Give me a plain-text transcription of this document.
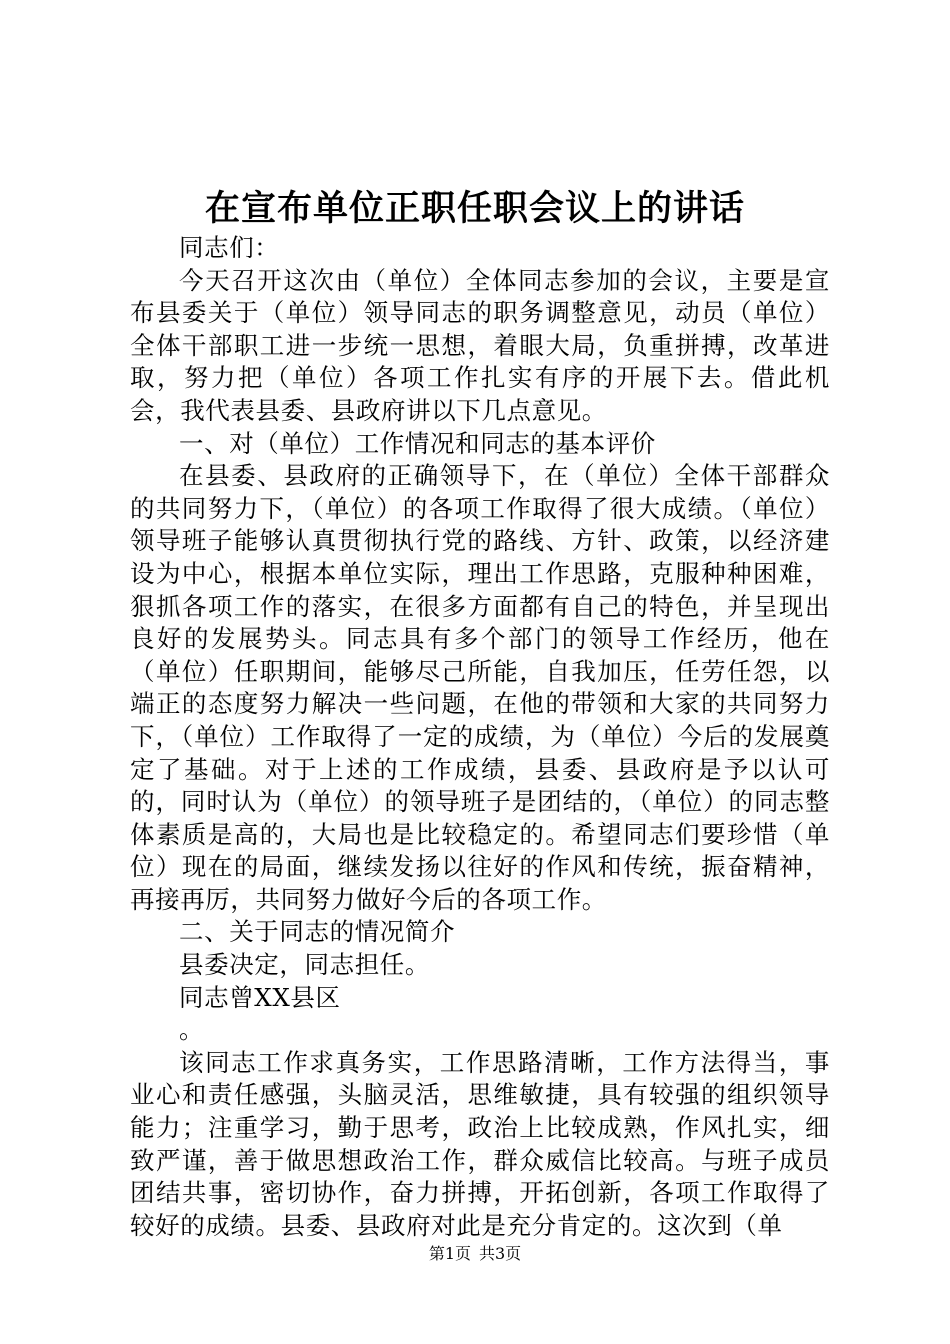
在宣布单位正职任职会议上的讲话

同志们：

今天召开这次由（单位）全体同志参加的会议，主要是宣布县委关于（单位）领导同志的职务调整意见，动员（单位）全体干部职工进一步统一思想，着眼大局，负重拼搏，改革进取，努力把（单位）各项工作扎实有序的开展下去。借此机会，我代表县委、县政府讲以下几点意见。

一、对（单位）工作情况和同志的基本评价

在县委、县政府的正确领导下，在（单位）全体干部群众的共同努力下，（单位）的各项工作取得了很大成绩。（单位）领导班子能够认真贯彻执行党的路线、方针、政策，以经济建设为中心，根据本单位实际，理出工作思路，克服种种困难，狠抓各项工作的落实，在很多方面都有自己的特色，并呈现出良好的发展势头。同志具有多个部门的领导工作经历，他在（单位）任职期间，能够尽己所能，自我加压，任劳任怨，以端正的态度努力解决一些问题，在他的带领和大家的共同努力下，（单位）工作取得了一定的成绩，为（单位）今后的发展奠定了基础。对于上述的工作成绩，县委、县政府是予以认可的，同时认为（单位）的领导班子是团结的，（单位）的同志整体素质是高的，大局也是比较稳定的。希望同志们要珍惜（单位）现在的局面，继续发扬以往好的作风和传统，振奋精神，再接再厉，共同努力做好今后的各项工作。

二、关于同志的情况简介

县委决定，同志担任。

同志曾XX县区

。

该同志工作求真务实，工作思路清晰，工作方法得当，事业心和责任感强，头脑灵活，思维敏捷，具有较强的组织领导能力；注重学习，勤于思考，政治上比较成熟，作风扎实，细致严谨，善于做思想政治工作，群众威信比较高。与班子成员团结共事，密切协作，奋力拼搏，开拓创新，各项工作取得了较好的成绩。县委、县政府对此是充分肯定的。这次到（单

第1页 共3页
